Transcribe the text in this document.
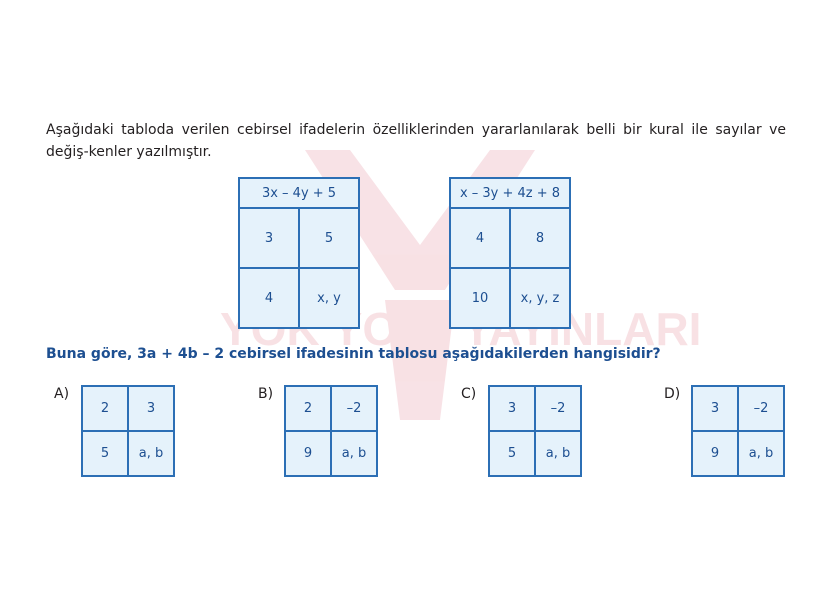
YOK YOK YAYINLARI

Aşağıdaki tabloda verilen cebirsel ifadelerin özelliklerinden yararlanılarak belli bir kural ile sayılar ve değiş-kenler yazılmıştır.

3x – 4y + 5	
3	5
4	x, y
x – 3y + 4z + 8	
4	8
10	x, y, z
Buna göre, 3a + 4b – 2 cebirsel ifadesinin tablosu aşağıdakilerden hangisidir?
A)
2	3
5	a, b
B)
2	–2
9	a, b
C)
3	–2
5	a, b
D)
3	–2
9	a, b
